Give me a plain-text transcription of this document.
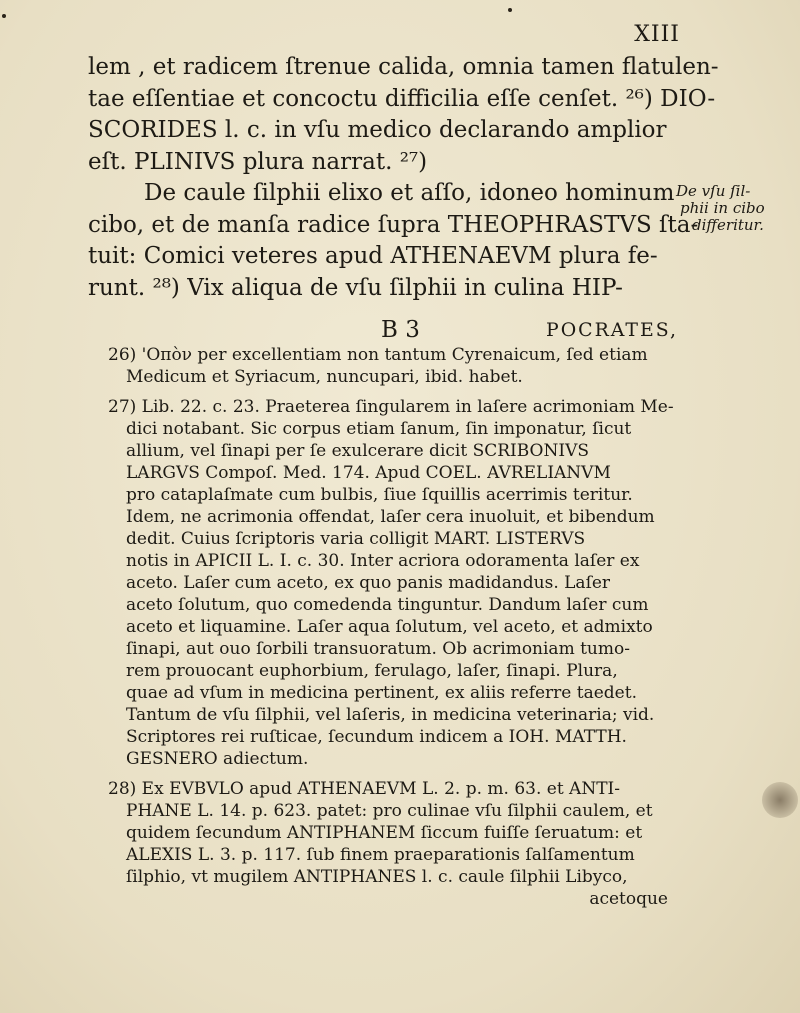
XIII
lem , et radicem ſtrenue calida, omnia tamen flatulen-
tae eſſentiae et concoctu difficilia eſſe cenſet. ²⁶) DIO-
SCORIDES l. c. in vſu medico declarando amplior
eſt. PLINIVS plura narrat. ²⁷)
De caule ſilphii elixo et aſſo, idoneo hominum
cibo, et de manſa radice ſupra THEOPHRASTVS ſta-
tuit: Comici veteres apud ATHENAEVM plura fe-
runt. ²⁸) Vix aliqua de vſu ſilphii in culina HIP-
De vſu ſil-
phii in cibo
differitur.
B 3	POCRATES,
26) 'Oπòν per excellentiam non tantum Cyrenaicum, ſed etiam
Medicum et Syriacum, nuncupari, ibid. habet.
27) Lib. 22. c. 23. Praeterea ſingularem in laſere acrimoniam Me-
dici notabant. Sic corpus etiam ſanum, ſin imponatur, ſicut
allium, vel ſinapi per ſe exulcerare dicit SCRIBONIVS
LARGVS Compoſ. Med. 174. Apud COEL. AVRELIANVM
pro cataplaſmate cum bulbis, ſiue ſquillis acerrimis teritur.
Idem, ne acrimonia offendat, laſer cera inuoluit, et bibendum
dedit. Cuius ſcriptoris varia colligit MART. LISTERVS
notis in APICII L. I. c. 30. Inter acriora odoramenta laſer ex
aceto. Laſer cum aceto, ex quo panis madidandus. Laſer
aceto ſolutum, quo comedenda tinguntur. Dandum laſer cum
aceto et liquamine. Laſer aqua ſolutum, vel aceto, et admixto
ſinapi, aut ouo ſorbili transuoratum. Ob acrimoniam tumo-
rem prouocant euphorbium, ferulago, laſer, ſinapi. Plura,
quae ad vſum in medicina pertinent, ex aliis referre taedet.
Tantum de vſu ſilphii, vel laſeris, in medicina veterinaria; vid.
Scriptores rei ruſticae, ſecundum indicem a IOH. MATTH.
GESNERO adiectum.
28) Ex EVBVLO apud ATHENAEVM L. 2. p. m. 63. et ANTI-
PHANE L. 14. p. 623. patet: pro culinae vſu ſilphii caulem, et
quidem ſecundum ANTIPHANEM ſiccum fuiſſe ſeruatum: et
ALEXIS L. 3. p. 117. ſub finem praeparationis ſalſamentum
ſilphio, vt mugilem ANTIPHANES l. c. caule ſilphii Libyco,
acetoque
